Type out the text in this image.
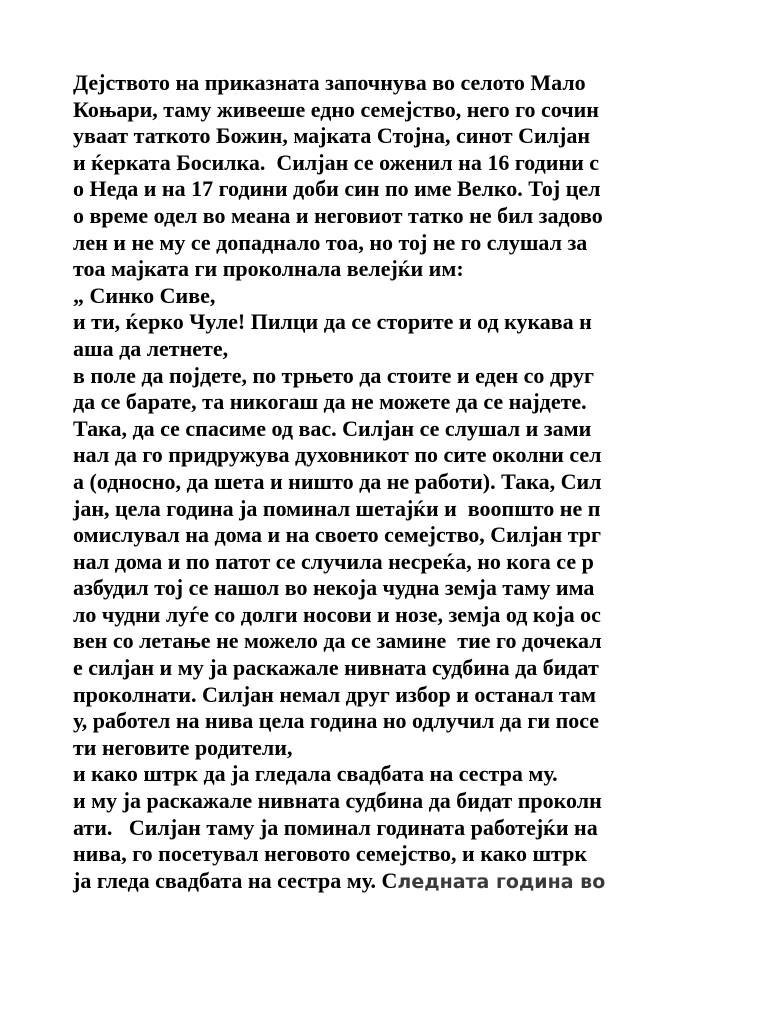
Дејството на приказната започнува во селото Мало
Коњари, таму живееше едно семејство, него го сочин
уваат таткото Божин, мајката Стојна, синот Силјан
и ќерката Босилка.  Силјан се оженил на 16 години с
о Неда и на 17 години доби син по име Велко. Тој цел
о време одел во меана и неговиот татко не бил задово
лен и не му се допаднало тоа, но тој не го слушал за
тоа мајката ги проколнала велејќи им:
„ Синко Сиве,
и ти, ќерко Чуле! Пилци да се сторите и од кукава н
аша да летнете,
в поле да појдете, по трњето да стоите и еден со друг
да се барате, та никогаш да не можете да се најдете.
Така, да се спасиме од вас. Силјан се слушал и зами
нал да го придружува духовникот по сите околни сел
а (односно, да шета и ништо да не работи). Така, Сил
јан, цела година ја поминал шетајќи и  воопшто не п
омислувал на дома и на своето семејство, Силјан трг
нал дома и по патот се случила несреќа, но кога се р
азбудил тој се нашол во некоја чудна земја таму има
ло чудни луѓе со долги носови и нозе, земја од која ос
вен со летање не можело да се замине  тие го дочекал
е силјан и му ја раскажале нивната судбина да бидат
проколнати. Силјан немал друг избор и останал там
у, работел на нива цела година но одлучил да ги посе
ти неговите родители,
и како штрк да ја гледала свадбата на сестра му.
и му ја раскажале нивната судбина да бидат проколн
ати.   Силјан таму ја поминал годината работејќи на
нива, го посетувал неговото семејство, и како штрк
ја гледа свадбата на сестра му. Следната година во
